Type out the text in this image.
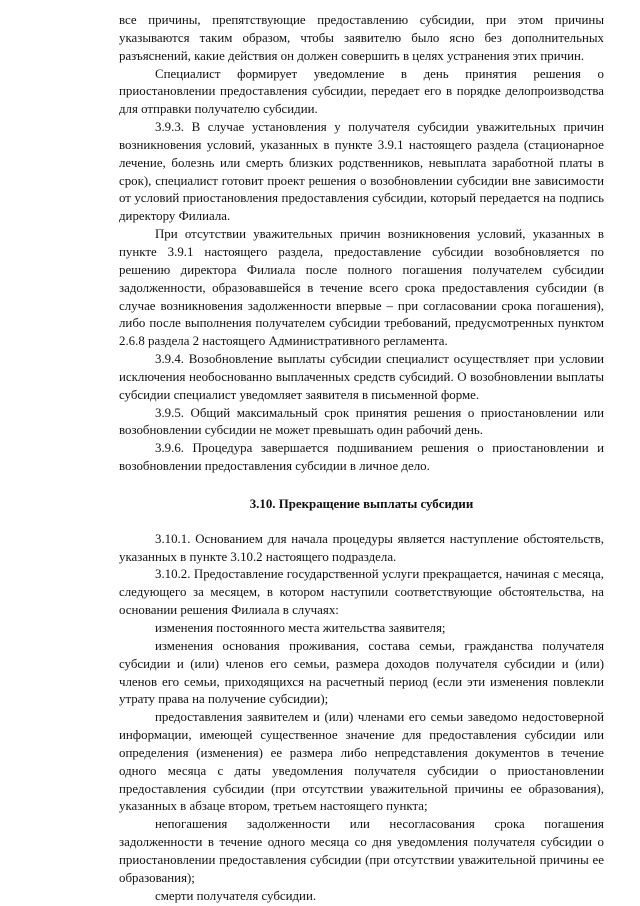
все причины, препятствующие предоставлению субсидии, при этом причины указываются таким образом, чтобы заявителю было ясно без дополнительных разъяснений, какие действия он должен совершить в целях устранения этих причин.

Специалист формирует уведомление в день принятия решения о приостановлении предоставления субсидии, передает его в порядке делопроизводства для отправки получателю субсидии.

3.9.3. В случае установления у получателя субсидии уважительных причин возникновения условий, указанных в пункте 3.9.1 настоящего раздела (стационарное лечение, болезнь или смерть близких родственников, невыплата заработной платы в срок), специалист готовит проект решения о возобновлении субсидии вне зависимости от условий приостановления предоставления субсидии, который передается на подпись директору Филиала.

При отсутствии уважительных причин возникновения условий, указанных в пункте 3.9.1 настоящего раздела, предоставление субсидии возобновляется по решению директора Филиала после полного погашения получателем субсидии задолженности, образовавшейся в течение всего срока предоставления субсидии (в случае возникновения задолженности впервые – при согласовании срока погашения), либо после выполнения получателем субсидии требований, предусмотренных пунктом 2.6.8 раздела 2 настоящего Административного регламента.

3.9.4. Возобновление выплаты субсидии специалист осуществляет при условии исключения необоснованно выплаченных средств субсидий. О возобновлении выплаты субсидии специалист уведомляет заявителя в письменной форме.

3.9.5. Общий максимальный срок принятия решения о приостановлении или возобновлении субсидии не может превышать один рабочий день.

3.9.6. Процедура завершается подшиванием решения о приостановлении и возобновлении предоставления субсидии в личное дело.

3.10. Прекращение выплаты субсидии

3.10.1. Основанием для начала процедуры является наступление обстоятельств, указанных в пункте 3.10.2 настоящего подраздела.

3.10.2. Предоставление государственной услуги прекращается, начиная с месяца, следующего за месяцем, в котором наступили соответствующие обстоятельства, на основании решения Филиала в случаях:

изменения постоянного места жительства заявителя;

изменения основания проживания, состава семьи, гражданства получателя субсидии и (или) членов его семьи, размера доходов получателя субсидии и (или) членов его семьи, приходящихся на расчетный период (если эти изменения повлекли утрату права на получение субсидии);

предоставления заявителем и (или) членами его семьи заведомо недостоверной информации, имеющей существенное значение для предоставления субсидии или определения (изменения) ее размера либо непредставления документов в течение одного месяца с даты уведомления получателя субсидии о приостановлении предоставления субсидии (при отсутствии уважительной причины ее образования), указанных в абзаце втором, третьем настоящего пункта;

непогашения задолженности или несогласования срока погашения задолженности в течение одного месяца со дня уведомления получателя субсидии о приостановлении предоставления субсидии (при отсутствии уважительной причины ее образования);

смерти получателя субсидии.
